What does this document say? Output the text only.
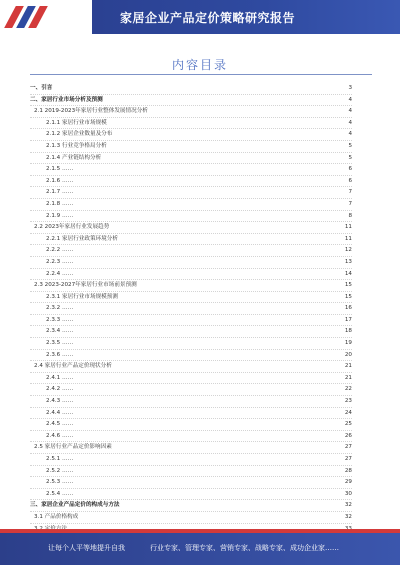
家居企业产品定价策略研究报告
内容目录
一、引言	3
二、家居行业市场分析及预测	4
2.1 2019-2023年家居行业整体发展情况分析	4
2.1.1 家居行业市场规模	4
2.1.2 家居企业数量及分布	4
2.1.3 行业竞争格局分析	5
2.1.4 产业链结构分析	5
2.1.5 ……	6
2.1.6 ……	6
2.1.7 ……	7
2.1.8 ……	7
2.1.9 ……	8
2.2 2023年家居行业发展趋势	11
2.2.1 家居行业政策环境分析	11
2.2.2 ……	12
2.2.3 ……	13
2.2.4 ……	14
2.3 2023-2027年家居行业市场前景预测	15
2.3.1 家居行业市场规模预测	15
2.3.2 ……	16
2.3.3 ……	17
2.3.4 ……	18
2.3.5 ……	19
2.3.6 ……	20
2.4 家居行业产品定价现状分析	21
2.4.1 ……	21
2.4.2 ……	22
2.4.3 ……	23
2.4.4 ……	24
2.4.5 ……	25
2.4.6 ……	26
2.5 家居行业产品定价影响因素	27
2.5.1 ……	27
2.5.2 ……	28
2.5.3 ……	29
2.5.4 ……	30
三、家居企业产品定价的构成与方法	32
3.1 产品价格构成	32
让每个人平等地提升自我	行业专家、管理专家、营销专家、战略专家、成功企业家……
